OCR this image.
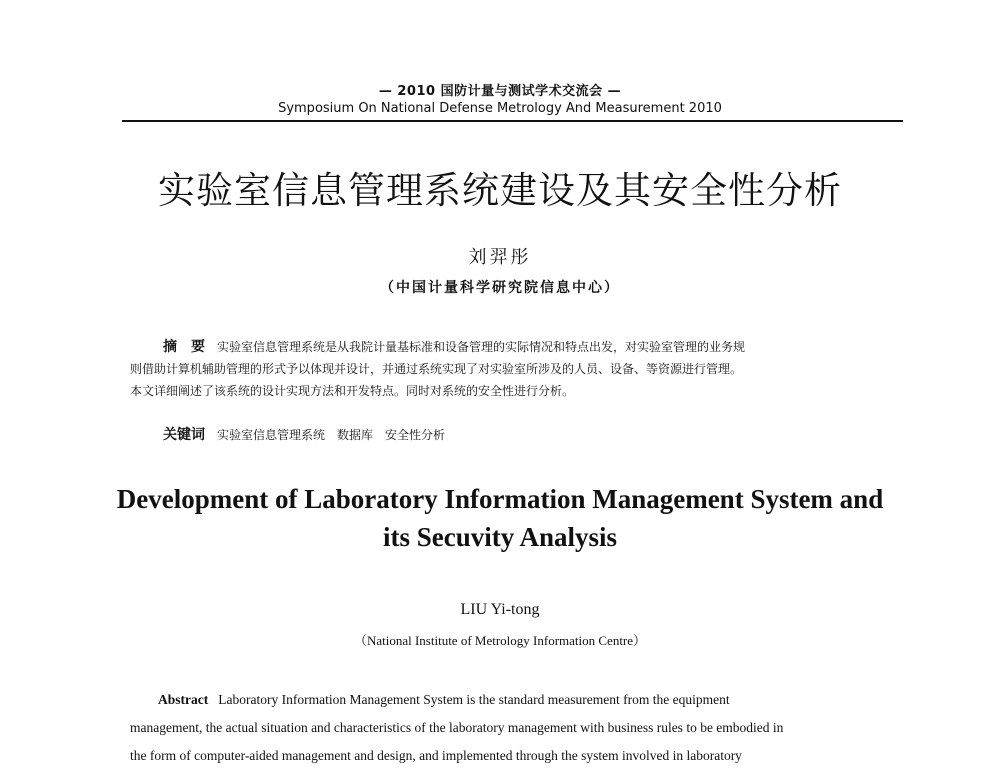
— 2010 国防计量与测试学术交流会 —
Symposium On National Defense Metrology And Measurement 2010
实验室信息管理系统建设及其安全性分析
刘羿彤
（中国计量科学研究院信息中心）
摘　要　 实验室信息管理系统是从我院计量基标准和设备管理的实际情况和特点出发，对实验室管理的业务规
则借助计算机辅助管理的形式予以体现并设计，并通过系统实现了对实验室所涉及的人员、设备、等资源进行管理。
本文详细阐述了该系统的设计实现方法和开发特点。同时对系统的安全性进行分析。
关键词 实验室信息管理系统　数据库　安全性分析
Development of Laboratory Information Management System and
its Secuvity Analysis
LIU Yi-tong
（National Institute of Metrology Information Centre）
Abstract Laboratory Information Management System is the standard measurement from the equipment
management, the actual situation and characteristics of the laboratory management with business rules to be embodied in
the form of computer-aided management and design, and implemented through the system involved in laboratory
